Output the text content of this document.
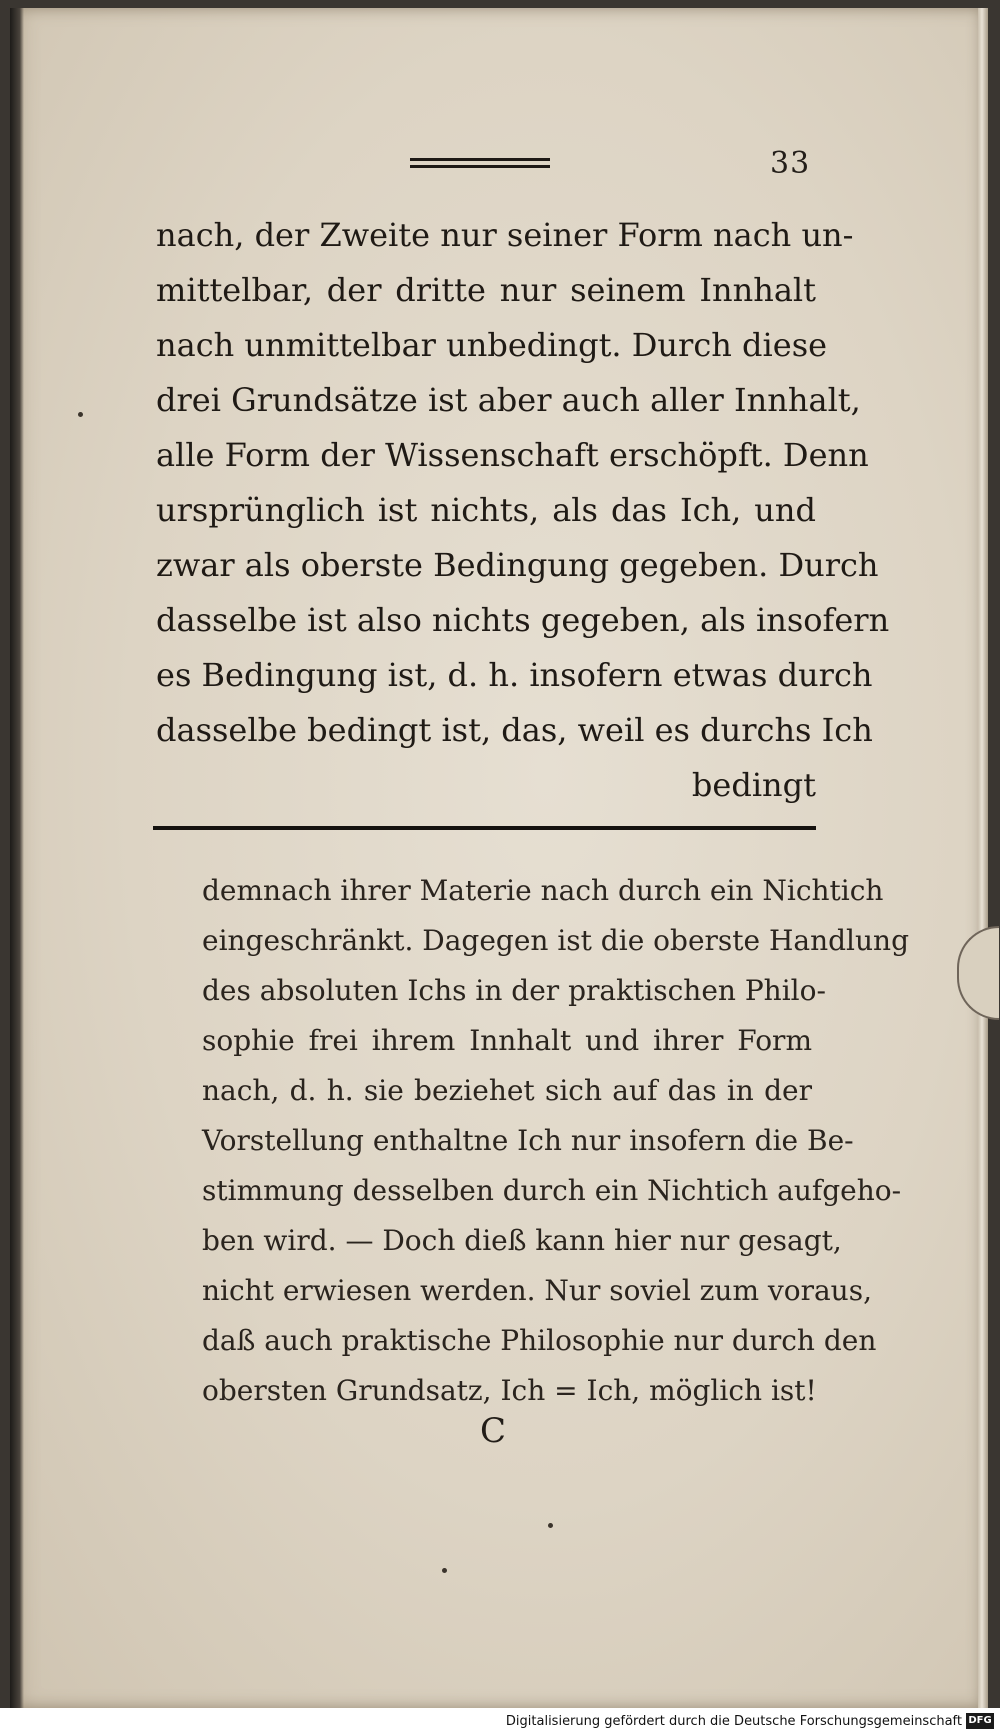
33
nach, der Zweite nur seiner Form nach un-
mittelbar, der dritte nur seinem Innhalt
nach unmittelbar unbedingt. Durch diese
drei Grundsätze ist aber auch aller Innhalt,
alle Form der Wissenschaft erschöpft. Denn
ursprünglich ist nichts, als das Ich, und
zwar als oberste Bedingung gegeben. Durch
dasselbe ist also nichts gegeben, als insofern
es Bedingung ist, d. h. insofern etwas durch
dasselbe bedingt ist, das, weil es durchs Ich
bedingt
demnach ihrer Materie nach durch ein Nichtich
eingeschränkt. Dagegen ist die oberste Handlung
des absoluten Ichs in der praktischen Philo-
sophie frei ihrem Innhalt und ihrer Form
nach, d. h. sie beziehet sich auf das in der
Vorstellung enthaltne Ich nur insofern die Be-
stimmung desselben durch ein Nichtich aufgeho-
ben wird. — Doch dieß kann hier nur gesagt,
nicht erwiesen werden. Nur soviel zum voraus,
daß auch praktische Philosophie nur durch den
obersten Grundsatz, Ich = Ich, möglich ist!
C
Digitalisierung gefördert durch die Deutsche Forschungsgemeinschaft DFG
